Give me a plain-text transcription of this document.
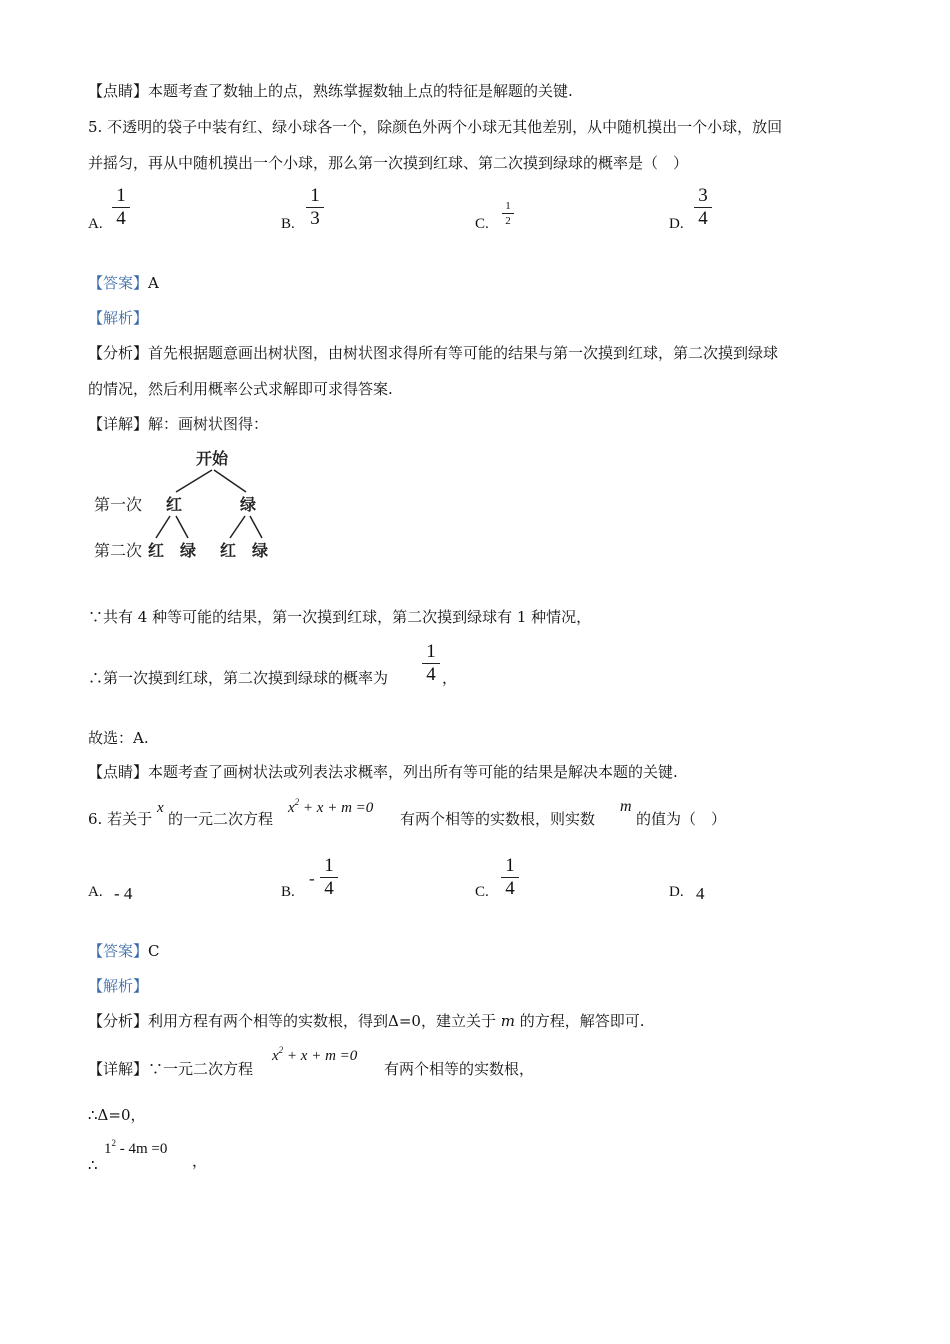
【点睛】本题考查了数轴上的点，熟练掌握数轴上点的特征是解题的关键.
5. 不透明的袋子中装有红、绿小球各一个，除颜色外两个小球无其他差别，从中随机摸出一个小球，放回
并摇匀，再从中随机摸出一个小球，那么第一次摸到红球、第二次摸到绿球的概率是（　）
A.
1
4	B.
1
3	C.
1
2	D.
3
4
【答案】A
【解析】
【分析】首先根据题意画出树状图，由树状图求得所有等可能的结果与第一次摸到红球，第二次摸到绿球
的情况，然后利用概率公式求解即可求得答案.
【详解】解：画树状图得：
开始
第一次
第二次
红	绿
红 绿 红 绿
∵共有 4 种等可能的结果，第一次摸到红球，第二次摸到绿球有 1 种情况，
∴第一次摸到红球，第二次摸到绿球的概率为
1
4 ，
故选：A.
【点睛】本题考查了画树状法或列表法求概率，列出所有等可能的结果是解决本题的关键.
6. 若关于
x
的一元二次方程
$x^2 + x + m =0$
有两个相等的实数根，则实数
m
的值为（　）
A. - 4	B.
-
1
4	C.
1
4	D. 4
【答案】C
【解析】
【分析】利用方程有两个相等的实数根，得到Δ=0，建立关于 m 的方程，解答即可.
【详解】∵一元二次方程
$x^2 + x + m =0$
有两个相等的实数根，
∴Δ=0，
∴
$1^2 - 4m =0$
，
